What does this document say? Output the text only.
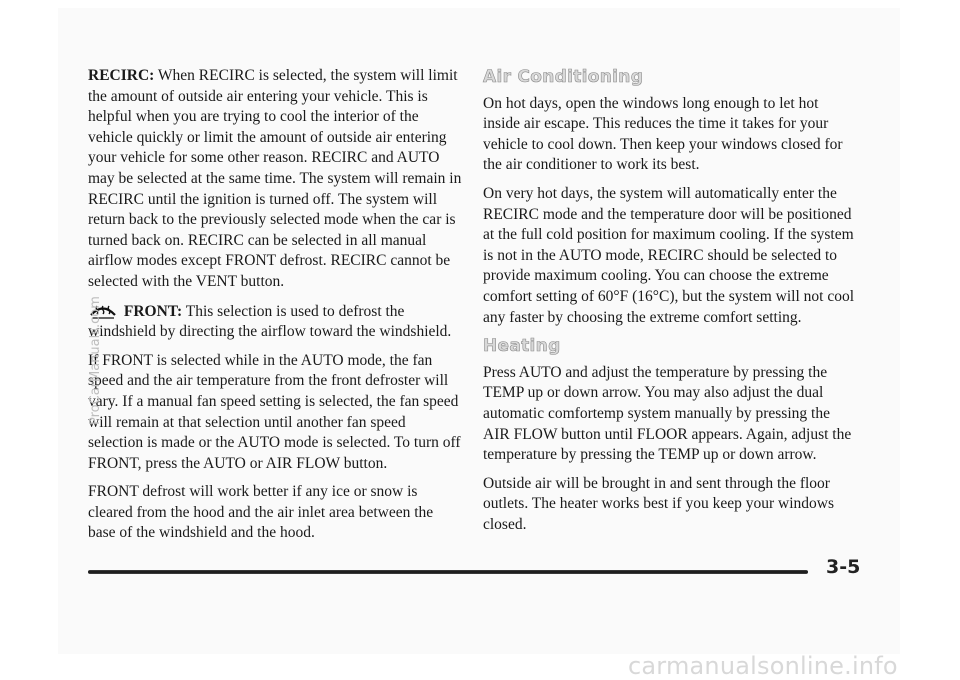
RECIRC: When RECIRC is selected, the system will limit the amount of outside air entering your vehicle. This is helpful when you are trying to cool the interior of the vehicle quickly or limit the amount of outside air entering your vehicle for some other reason. RECIRC and AUTO may be selected at the same time. The system will remain in RECIRC until the ignition is turned off. The system will return back to the previously selected mode when the car is turned back on. RECIRC can be selected in all manual airflow modes except FRONT defrost. RECIRC cannot be selected with the VENT button.

FRONT: This selection is used to defrost the windshield by directing the airflow toward the windshield.

If FRONT is selected while in the AUTO mode, the fan speed and the air temperature from the front defroster will vary. If a manual fan speed setting is selected, the fan speed will remain at that selection until another fan speed selection is made or the AUTO mode is selected. To turn off FRONT, press the AUTO or AIR FLOW button.

FRONT defrost will work better if any ice or snow is cleared from the hood and the air inlet area between the base of the windshield and the hood.

Air Conditioning

On hot days, open the windows long enough to let hot inside air escape. This reduces the time it takes for your vehicle to cool down. Then keep your windows closed for the air conditioner to work its best.

On very hot days, the system will automatically enter the RECIRC mode and the temperature door will be positioned at the full cold position for maximum cooling. If the system is not in the AUTO mode, RECIRC should be selected to provide maximum cooling. You can choose the extreme comfort setting of 60°F (16°C), but the system will not cool any faster by choosing the extreme comfort setting.

Heating

Press AUTO and adjust the temperature by pressing the TEMP up or down arrow. You may also adjust the dual automatic comfortemp system manually by pressing the AIR FLOW button until FLOOR appears. Again, adjust the temperature by pressing the TEMP up or down arrow.

Outside air will be brought in and sent through the floor outlets. The heater works best if you keep your windows closed.

3-5
ProCarManuals.com
carmanualsonline.info
